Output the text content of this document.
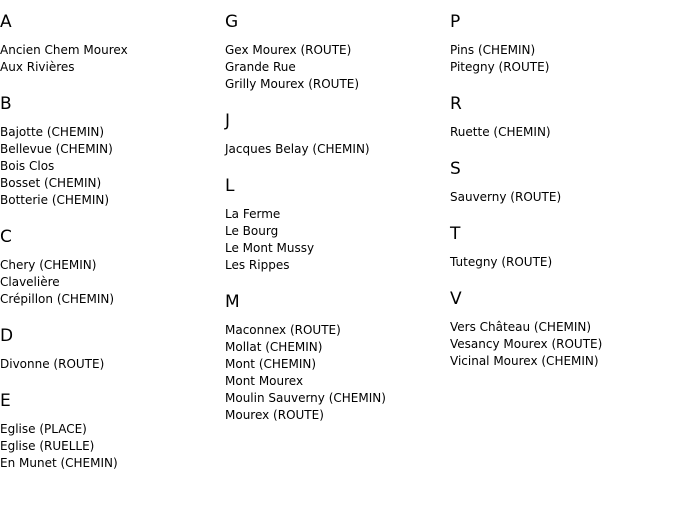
A
Ancien Chem Mourex
Aux Rivières
B
Bajotte (CHEMIN)
Bellevue (CHEMIN)
Bois Clos
Bosset (CHEMIN)
Botterie (CHEMIN)
C
Chery (CHEMIN)
Clavelière
Crépillon (CHEMIN)
D
Divonne (ROUTE)
E
Eglise (PLACE)
Eglise (RUELLE)
En Munet (CHEMIN)
G
Gex Mourex (ROUTE)
Grande Rue
Grilly Mourex (ROUTE)
J
Jacques Belay (CHEMIN)
L
La Ferme
Le Bourg
Le Mont Mussy
Les Rippes
M
Maconnex (ROUTE)
Mollat (CHEMIN)
Mont (CHEMIN)
Mont Mourex
Moulin Sauverny (CHEMIN)
Mourex (ROUTE)
P
Pins (CHEMIN)
Pitegny (ROUTE)
R
Ruette (CHEMIN)
S
Sauverny (ROUTE)
T
Tutegny (ROUTE)
V
Vers Château (CHEMIN)
Vesancy Mourex (ROUTE)
Vicinal Mourex (CHEMIN)
